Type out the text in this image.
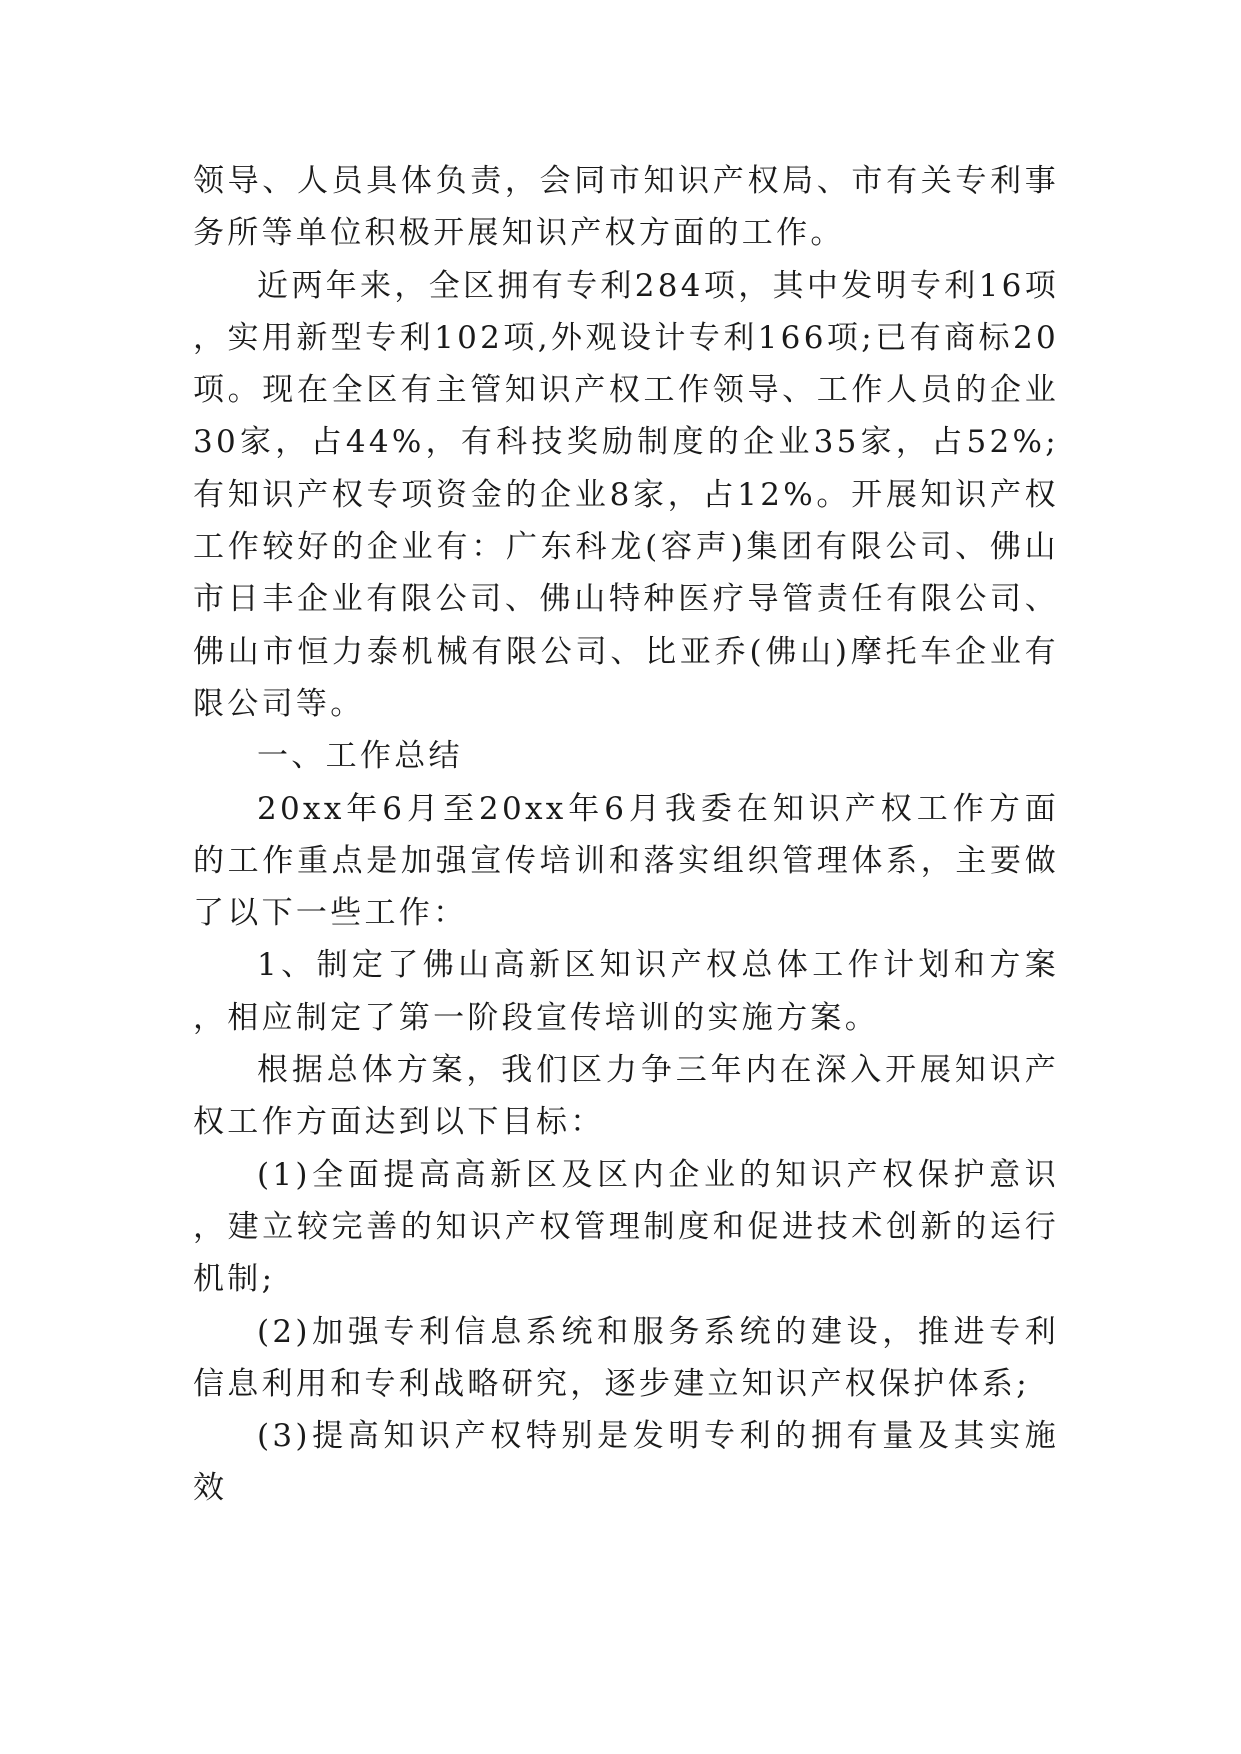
领导、人员具体负责，会同市知识产权局、市有关专利事务所等单位积极开展知识产权方面的工作。

近两年来，全区拥有专利284项，其中发明专利16项，实用新型专利102项,外观设计专利166项;已有商标20项。现在全区有主管知识产权工作领导、工作人员的企业30家，占44%，有科技奖励制度的企业35家，占52%;有知识产权专项资金的企业8家，占12%。开展知识产权工作较好的企业有：广东科龙(容声)集团有限公司、佛山市日丰企业有限公司、佛山特种医疗导管责任有限公司、佛山市恒力泰机械有限公司、比亚乔(佛山)摩托车企业有限公司等。

一、工作总结

20xx年6月至20xx年6月我委在知识产权工作方面的工作重点是加强宣传培训和落实组织管理体系，主要做了以下一些工作：

1、制定了佛山高新区知识产权总体工作计划和方案，相应制定了第一阶段宣传培训的实施方案。

根据总体方案，我们区力争三年内在深入开展知识产权工作方面达到以下目标：

(1)全面提高高新区及区内企业的知识产权保护意识，建立较完善的知识产权管理制度和促进技术创新的运行机制;

(2)加强专利信息系统和服务系统的建设，推进专利信息利用和专利战略研究，逐步建立知识产权保护体系;

(3)提高知识产权特别是发明专利的拥有量及其实施效
